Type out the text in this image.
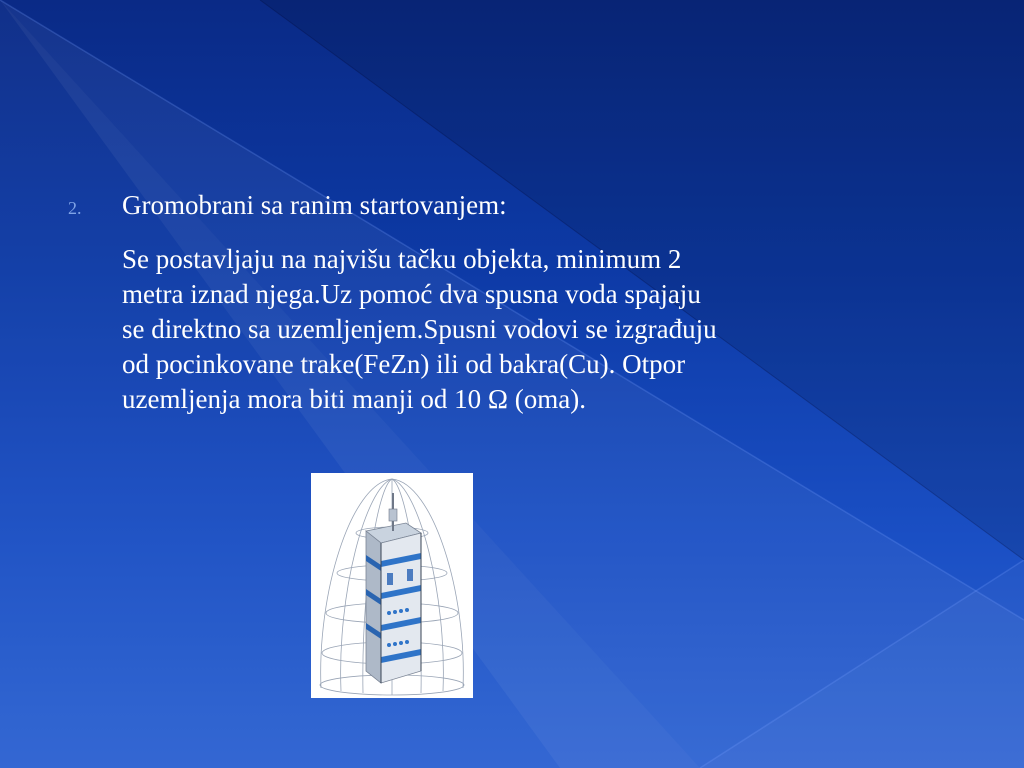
2. Gromobrani sa ranim startovanjem:
Se postavljaju na najvišu tačku objekta, minimum 2
metra iznad njega.Uz pomoć dva spusna voda spajaju
se direktno sa uzemljenjem.Spusni vodovi se izgrađuju
od pocinkovane trake(FeZn) ili od bakra(Cu). Otpor
uzemljenja mora biti manji od 10 Ω (oma).
